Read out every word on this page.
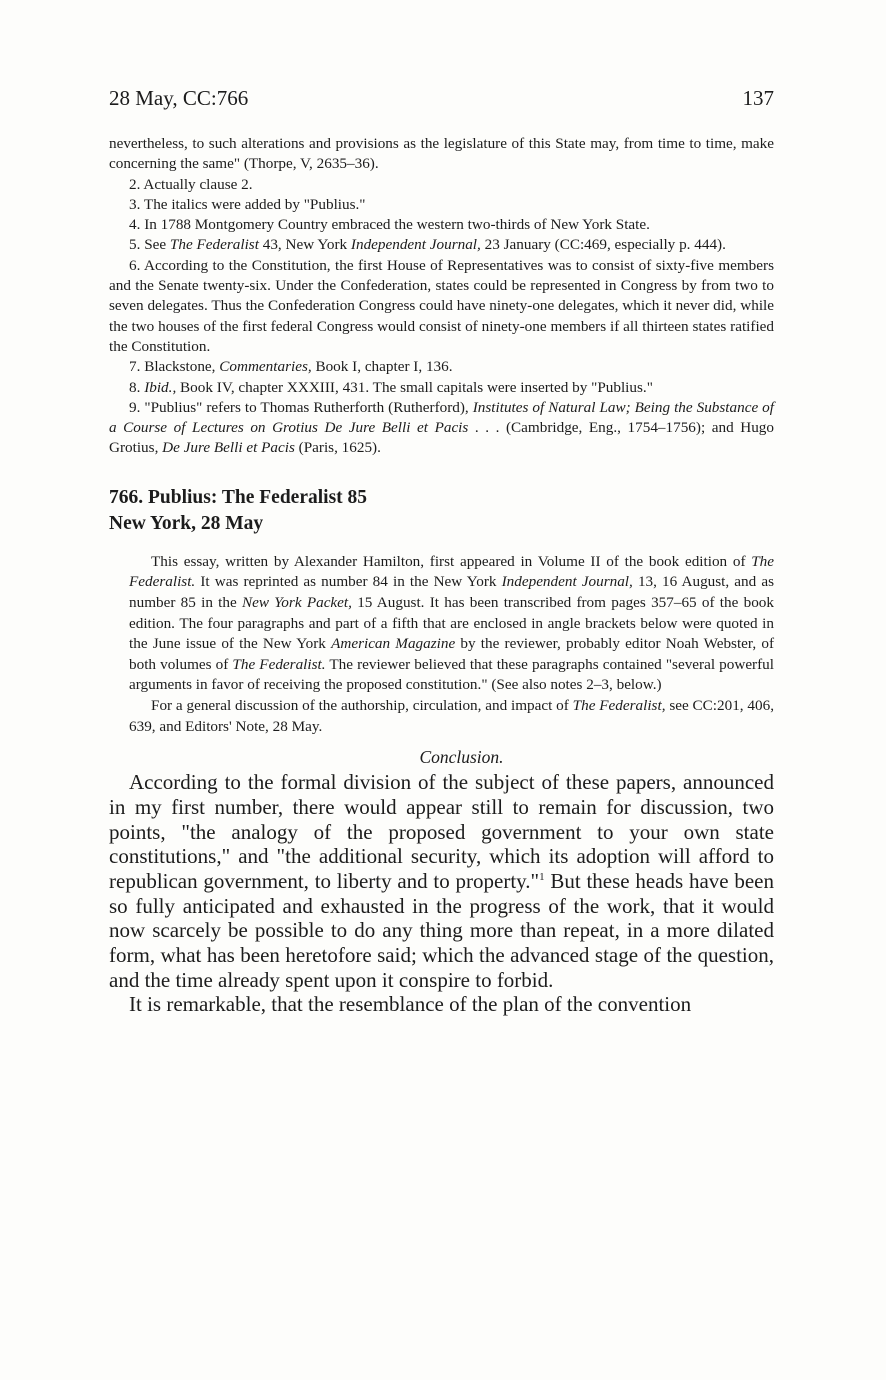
28 May, CC:766	137

nevertheless, to such alterations and provisions as the legislature of this State may, from time to time, make concerning the same" (Thorpe, V, 2635–36).

2. Actually clause 2.

3. The italics were added by "Publius."

4. In 1788 Montgomery Country embraced the western two-thirds of New York State.

5. See The Federalist 43, New York Independent Journal, 23 January (CC:469, especially p. 444).

6. According to the Constitution, the first House of Representatives was to consist of sixty-five members and the Senate twenty-six. Under the Confederation, states could be represented in Congress by from two to seven delegates. Thus the Confederation Congress could have ninety-one delegates, which it never did, while the two houses of the first federal Congress would consist of ninety-one members if all thirteen states ratified the Constitution.

7. Blackstone, Commentaries, Book I, chapter I, 136.

8. Ibid., Book IV, chapter XXXIII, 431. The small capitals were inserted by "Publius."

9. "Publius" refers to Thomas Rutherforth (Rutherford), Institutes of Natural Law; Being the Substance of a Course of Lectures on Grotius De Jure Belli et Pacis . . . (Cambridge, Eng., 1754–1756); and Hugo Grotius, De Jure Belli et Pacis (Paris, 1625).

766. Publius: The Federalist 85
New York, 28 May

This essay, written by Alexander Hamilton, first appeared in Volume II of the book edition of The Federalist. It was reprinted as number 84 in the New York Independent Journal, 13, 16 August, and as number 85 in the New York Packet, 15 August. It has been transcribed from pages 357–65 of the book edition. The four paragraphs and part of a fifth that are enclosed in angle brackets below were quoted in the June issue of the New York American Magazine by the reviewer, probably editor Noah Webster, of both volumes of The Federalist. The reviewer believed that these paragraphs contained "several powerful arguments in favor of receiving the proposed constitution." (See also notes 2–3, below.)

For a general discussion of the authorship, circulation, and impact of The Federalist, see CC:201, 406, 639, and Editors' Note, 28 May.

Conclusion.

According to the formal division of the subject of these papers, announced in my first number, there would appear still to remain for discussion, two points, "the analogy of the proposed government to your own state constitutions," and "the additional security, which its adoption will afford to republican government, to liberty and to property."$^1$ But these heads have been so fully anticipated and exhausted in the progress of the work, that it would now scarcely be possible to do any thing more than repeat, in a more dilated form, what has been heretofore said; which the advanced stage of the question, and the time already spent upon it conspire to forbid.

It is remarkable, that the resemblance of the plan of the convention
